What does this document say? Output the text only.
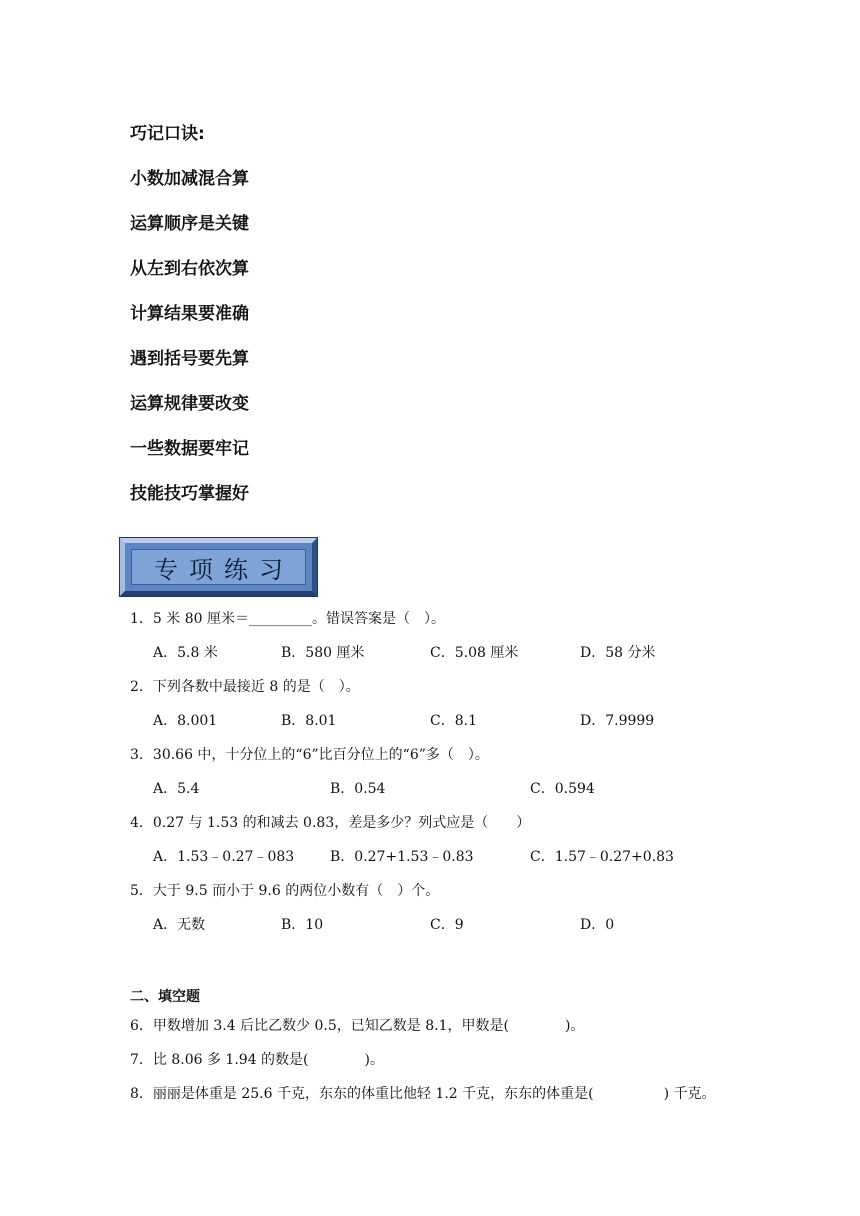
巧记口诀:
小数加减混合算
运算顺序是关键
从左到右依次算
计算结果要准确
遇到括号要先算
运算规律要改变
一些数据要牢记
技能技巧掌握好
专项练习
1．5 米 80 厘米＝_________。错误答案是（　）。
A．5.8 米	B．580 厘米	C．5.08 厘米	D．58 分米
2．下列各数中最接近 8 的是（　）。
A．8.001	B．8.01	C．8.1	D．7.9999
3．30.66 中，十分位上的“6”比百分位上的“6”多（　）。
A．5.4	B．0.54	C．0.594
4．0.27 与 1.53 的和减去 0.83，差是多少？列式应是（　　）
A．1.53﹣0.27﹣083	B．0.27+1.53﹣0.83	C．1.57﹣0.27+0.83
5．大于 9.5 而小于 9.6 的两位小数有（　）个。
A．无数	B．10	C．9	D．0
二、填空题
6．甲数增加 3.4 后比乙数少 0.5，已知乙数是 8.1，甲数是(　　　　)。
7．比 8.06 多 1.94 的数是(　　　　)。
8．丽丽是体重是 25.6 千克，东东的体重比他轻 1.2 千克，东东的体重是(　　　　　) 千克。
